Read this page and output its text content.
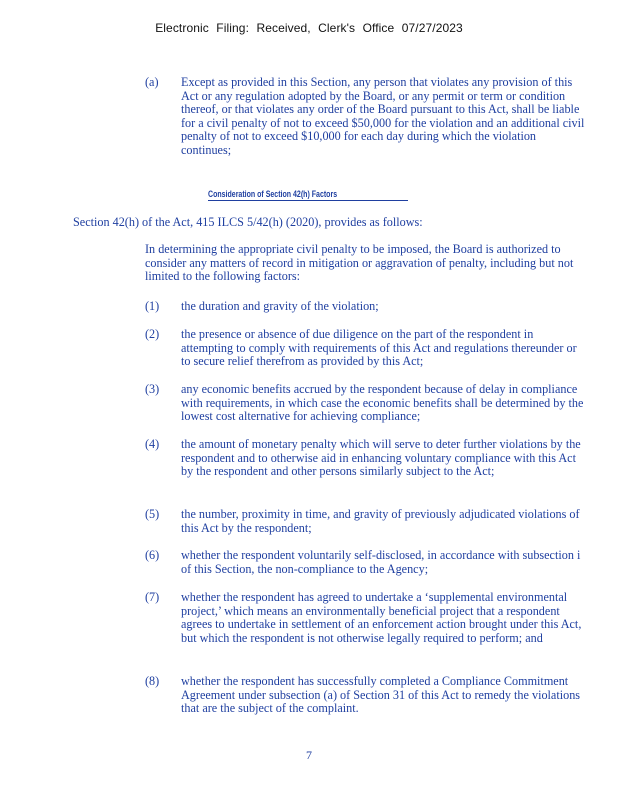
Electronic Filing: Received, Clerk's Office 07/27/2023
(a)	Except as provided in this Section, any person that violates any provision of this Act or any regulation adopted by the Board, or any permit or term or condition thereof, or that violates any order of the Board pursuant to this Act, shall be liable for a civil penalty of not to exceed $50,000 for the violation and an additional civil penalty of not to exceed $10,000 for each day during which the violation continues;
Consideration of Section 42(h) Factors
Section 42(h) of the Act, 415 ILCS 5/42(h) (2020), provides as follows:
In determining the appropriate civil penalty to be imposed, the Board is authorized to consider any matters of record in mitigation or aggravation of penalty, including but not limited to the following factors:
(1)	the duration and gravity of the violation;
(2)	the presence or absence of due diligence on the part of the respondent in attempting to comply with requirements of this Act and regulations thereunder or to secure relief therefrom as provided by this Act;
(3)	any economic benefits accrued by the respondent because of delay in compliance with requirements, in which case the economic benefits shall be determined by the lowest cost alternative for achieving compliance;
(4)	the amount of monetary penalty which will serve to deter further violations by the respondent and to otherwise aid in enhancing voluntary compliance with this Act by the respondent and other persons similarly subject to the Act;
(5)	the number, proximity in time, and gravity of previously adjudicated violations of this Act by the respondent;
(6)	whether the respondent voluntarily self-disclosed, in accordance with subsection i of this Section, the non-compliance to the Agency;
(7)	whether the respondent has agreed to undertake a ‘supplemental environmental project,’ which means an environmentally beneficial project that a respondent agrees to undertake in settlement of an enforcement action brought under this Act, but which the respondent is not otherwise legally required to perform; and
(8)	whether the respondent has successfully completed a Compliance Commitment Agreement under subsection (a) of Section 31 of this Act to remedy the violations that are the subject of the complaint.
7
